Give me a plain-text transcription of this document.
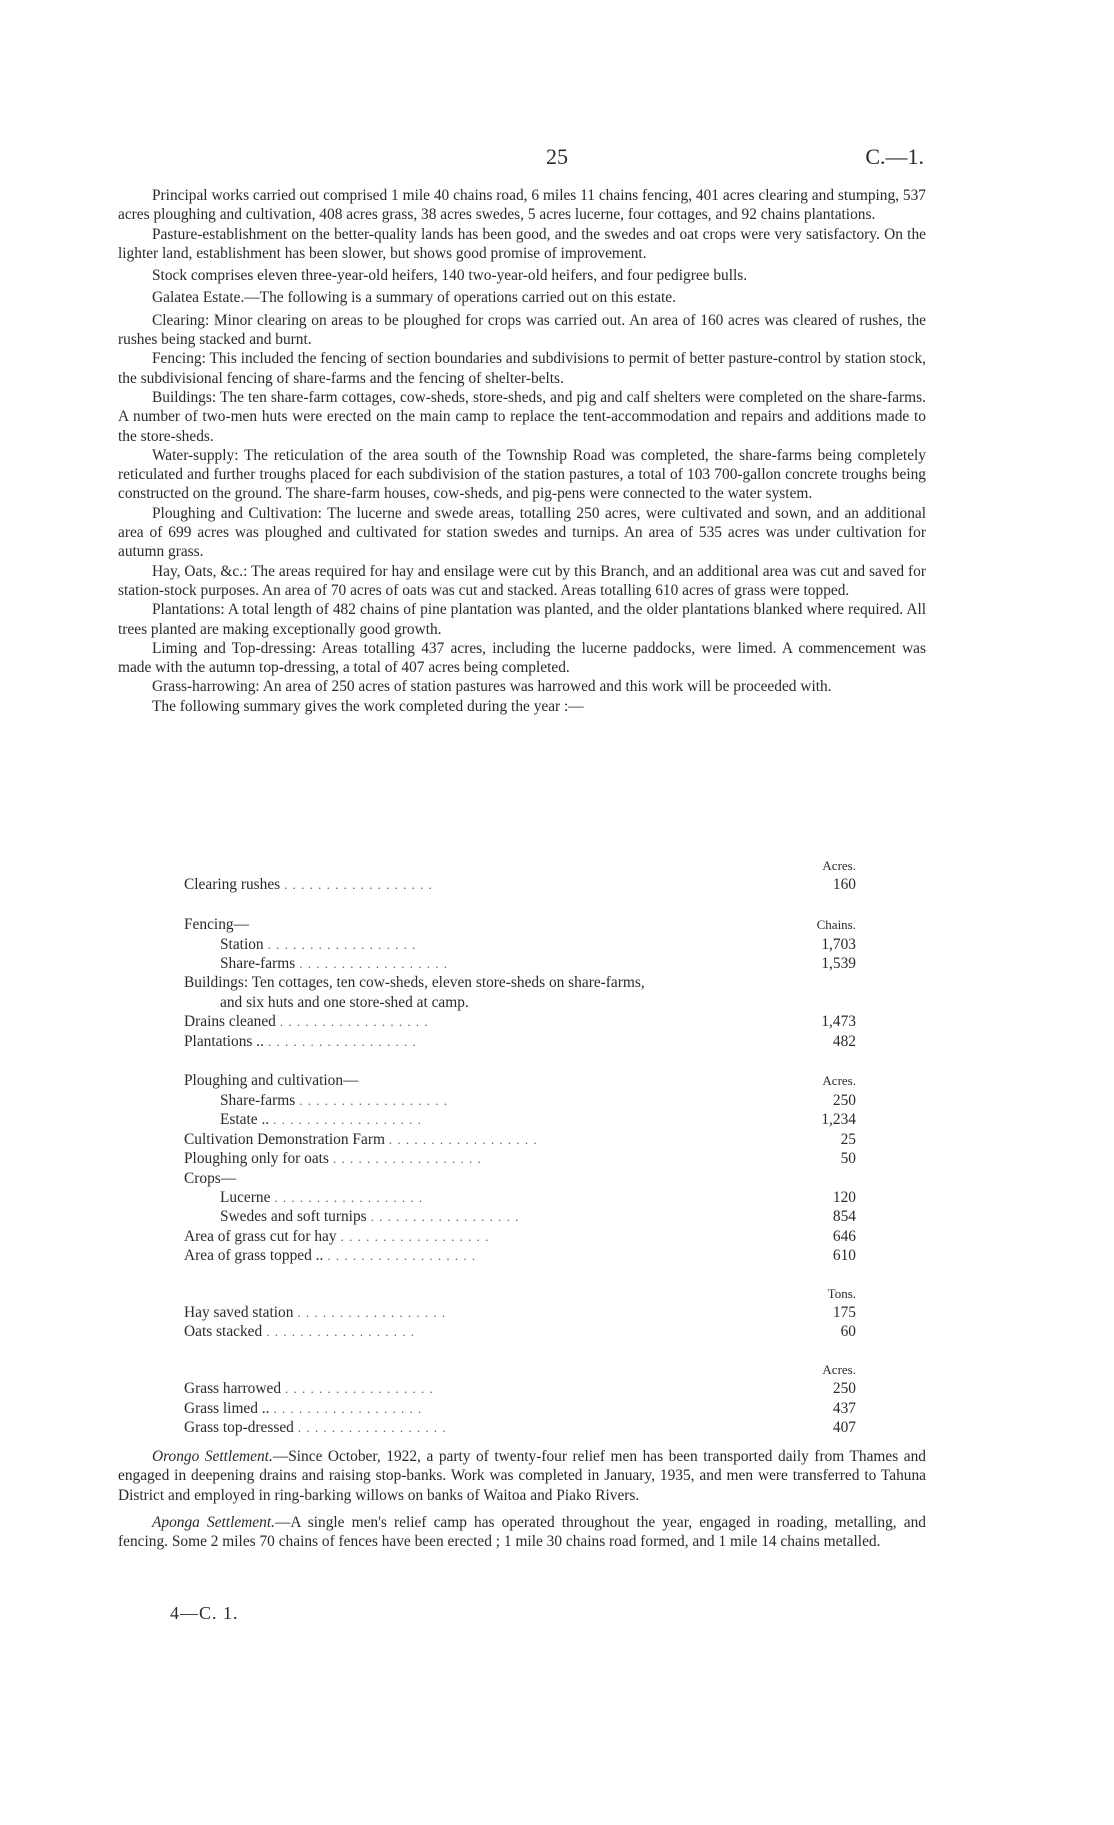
25	C.—1.

Principal works carried out comprised 1 mile 40 chains road, 6 miles 11 chains fencing, 401 acres clearing and stumping, 537 acres ploughing and cultivation, 408 acres grass, 38 acres swedes, 5 acres lucerne, four cottages, and 92 chains plantations.

Pasture-establishment on the better-quality lands has been good, and the swedes and oat crops were very satisfactory. On the lighter land, establishment has been slower, but shows good promise of improvement.

Stock comprises eleven three-year-old heifers, 140 two-year-old heifers, and four pedigree bulls.

Galatea Estate.—The following is a summary of operations carried out on this estate.

Clearing: Minor clearing on areas to be ploughed for crops was carried out. An area of 160 acres was cleared of rushes, the rushes being stacked and burnt.

Fencing: This included the fencing of section boundaries and subdivisions to permit of better pasture-control by station stock, the subdivisional fencing of share-farms and the fencing of shelter-belts.

Buildings: The ten share-farm cottages, cow-sheds, store-sheds, and pig and calf shelters were completed on the share-farms. A number of two-men huts were erected on the main camp to replace the tent-accommodation and repairs and additions made to the store-sheds.

Water-supply: The reticulation of the area south of the Township Road was completed, the share-farms being completely reticulated and further troughs placed for each subdivision of the station pastures, a total of 103 700-gallon concrete troughs being constructed on the ground. The share-farm houses, cow-sheds, and pig-pens were connected to the water system.

Ploughing and Cultivation: The lucerne and swede areas, totalling 250 acres, were cultivated and sown, and an additional area of 699 acres was ploughed and cultivated for station swedes and turnips. An area of 535 acres was under cultivation for autumn grass.

Hay, Oats, &c.: The areas required for hay and ensilage were cut by this Branch, and an additional area was cut and saved for station-stock purposes. An area of 70 acres of oats was cut and stacked. Areas totalling 610 acres of grass were topped.

Plantations: A total length of 482 chains of pine plantation was planted, and the older plantations blanked where required. All trees planted are making exceptionally good growth.

Liming and Top-dressing: Areas totalling 437 acres, including the lucerne paddocks, were limed. A commencement was made with the autumn top-dressing, a total of 407 acres being completed.

Grass-harrowing: An area of 250 acres of station pastures was harrowed and this work will be proceeded with.

The following summary gives the work completed during the year :—

Acres.
Clearing rushes . . . . . . . . . . . . . . . . . .	160
Chains.
Fencing—
Station . . . . . . . . . . . . . . . . . .	1,703
Share-farms . . . . . . . . . . . . . . . . . .	1,539
Buildings: Ten cottages, ten cow-sheds, eleven store-sheds on share-farms,
and six huts and one store-shed at camp.
Drains cleaned . . . . . . . . . . . . . . . . . .	1,473
Plantations .. . . . . . . . . . . . . . . . . . .	482
Acres.
Ploughing and cultivation—
Share-farms . . . . . . . . . . . . . . . . . .	250
Estate .. . . . . . . . . . . . . . . . . . .	1,234
Cultivation Demonstration Farm . . . . . . . . . . . . . . . . . .	25
Ploughing only for oats . . . . . . . . . . . . . . . . . .	50
Crops—
Lucerne . . . . . . . . . . . . . . . . . .	120
Swedes and soft turnips . . . . . . . . . . . . . . . . . .	854
Area of grass cut for hay . . . . . . . . . . . . . . . . . .	646
Area of grass topped .. . . . . . . . . . . . . . . . . . .	610
Tons.
Hay saved station . . . . . . . . . . . . . . . . . .	175
Oats stacked . . . . . . . . . . . . . . . . . .	60
Acres.
Grass harrowed . . . . . . . . . . . . . . . . . .	250
Grass limed .. . . . . . . . . . . . . . . . . . .	437
Grass top-dressed . . . . . . . . . . . . . . . . . .	407

Orongo Settlement.—Since October, 1922, a party of twenty-four relief men has been transported daily from Thames and engaged in deepening drains and raising stop-banks. Work was completed in January, 1935, and men were transferred to Tahuna District and employed in ring-barking willows on banks of Waitoa and Piako Rivers.

Aponga Settlement.—A single men's relief camp has operated throughout the year, engaged in roading, metalling, and fencing. Some 2 miles 70 chains of fences have been erected ; 1 mile 30 chains road formed, and 1 mile 14 chains metalled.

4—C. 1.
